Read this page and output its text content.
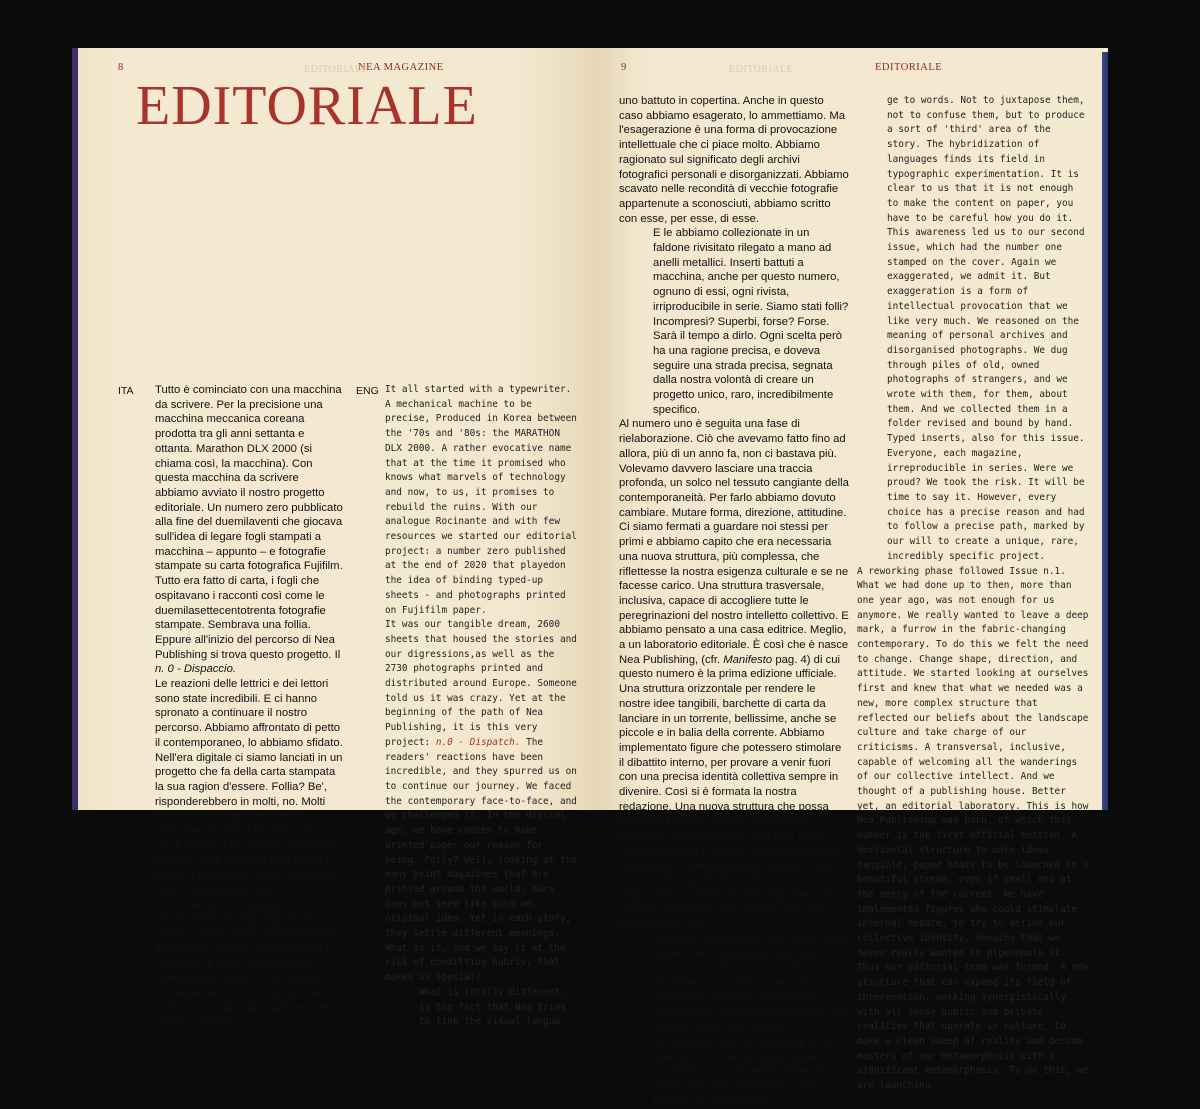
8	NEA MAGAZINE
EDITORIALE
EDITORIALE
ITA Tutto è cominciato con una macchina da scrivere. Per la precisione una macchina meccanica coreana prodotta tra gli anni settanta e ottanta. Marathon DLX 2000 (si chiama così, la macchina). Con questa macchina da scrivere abbiamo avviato il nostro progetto editoriale. Un numero zero pubblicato alla fine del duemilaventi che giocava sull'idea di legare fogli stampati a macchina – appunto – e fotografie stampate su carta fotografica Fujifilm. Tutto era fatto di carta, i fogli che ospitavano i racconti così come le duemilasettecentotrenta fotografie stampate. Sembrava una follia. Eppure all'inizio del percorso di Nea Publishing si trova questo progetto. Il n. 0 - Dispaccio.

Le reazioni delle lettrici e dei lettori sono state incredibili. E ci hanno spronato a continuare il nostro percorso. Abbiamo affrontato di petto il contemporaneo, lo abbiamo sfidato. Nell'era digitale ci siamo lanciati in un progetto che fa della carta stampata la sua ragion d'essere. Follia? Be', risponderebbero in molti, no. Molti sono infatti i magazine che si stampano in tutto il mondo. Che cosa c'è di diverso? Di diverso, totalmente diverso, c'è il fatto che Nea prova a legare il linguaggio visivo alle parole. Non a giustapporle, non a confonderle, ma a legarle. L'ibridazione dei linguaggi trova il proprio campo nella sperimentazione tipografica, perché non basta fare i contenuti di carta, bisogna fare attenzione a come li si fa. Questa consapevolezza ci ha condotti alla nostra seconda pubblicazione, che aveva il numero

ENG It all started with a typewriter. A mechanical machine to be precise, Produced in Korea between the '70s and '80s: the MARATHON DLX 2000. A rather evocative name that at the time it promised who knows what marvels of technology and now, to us, it promises to rebuild the ruins. With our analogue Rocinante and with few resources we started our editorial project: a number zero published at the end of 2020 that playedon the idea of binding typed-up sheets - and photographs printed on Fujifilm paper.

It was our tangible dream, 2600 sheets that housed the stories and our digressions,as well as the 2730 photographs printed and distributed around Europe. Someone told us it was crazy. Yet at the beginning of the path of Nea Publishing, it is this very project: n.0 - Dispatch. The readers' reactions have been incredible, and they spurred us on to continue our journey. We faced the contemporary face-to-face, and we challenged it. In the digital age, we have chosen to make printed paper our reason for being. Folly? Well, looking at the many print magazines that are printed around the world, ours does not seem like such an original idea. Yet in each story, they settle different meanings. What is it, and we say it at the risk of committing hubris, that makes us special?

What is totally different, is the fact that Nea tries to link the visual langua-

9	EDITORIALE	EDITORIALE

uno battuto in copertina. Anche in questo caso abbiamo esagerato, lo ammettiamo. Ma l'esagerazione è una forma di provocazione intellettuale che ci piace molto. Abbiamo ragionato sul significato degli archivi fotografici personali e disorganizzati. Abbiamo scavato nelle recondità di vecchie fotografie appartenute a sconosciuti, abbiamo scritto con esse, per esse, di esse.

E le abbiamo collezionate in un faldone rivisitato rilegato a mano ad anelli metallici. Inserti battuti a macchina, anche per questo numero, ognuno di essi, ogni rivista, irriproducibile in serie. Siamo stati folli? Incompresi? Superbi, forse? Forse. Sarà il tempo a dirlo. Ogni scelta però ha una ragione precisa, e doveva seguire una strada precisa, segnata dalla nostra volontà di creare un progetto unico, raro, incredibilmente specifico.

Al numero uno è seguita una fase di rielaborazione. Ciò che avevamo fatto fino ad allora, più di un anno fa, non ci bastava più. Volevamo davvero lasciare una traccia profonda, un solco nel tessuto cangiante della contemporaneità. Per farlo abbiamo dovuto cambiare. Mutare forma, direzione, attitudine. Ci siamo fermati a guardare noi stessi per primi e abbiamo capito che era necessaria una nuova struttura, più complessa, che riflettesse la nostra esigenza culturale e se ne facesse carico. Una struttura trasversale, inclusiva, capace di accogliere tutte le peregrinazioni del nostro intelletto collettivo. E abbiamo pensato a una casa editrice. Meglio, a un laboratorio editoriale. È così che è nasce Nea Publishing, (cfr. Manifesto pag. 4) di cui questo numero è la prima edizione ufficiale. Una struttura orizzontale per rendere le nostre idee tangibili, barchette di carta da lanciare in un torrente, bellissime, anche se piccole e in balia della corrente. Abbiamo implementato figure che potessero stimolare il dibattito interno, per provare a venir fuori con una precisa identità collettiva sempre in divenire. Così si è formata la nostra redazione. Una nuova struttura che possa ampliare il proprio campo d'intervento, lavorando sinergicamente con tutte quelle realtà pubbliche e private che operano nella cultura, per incidere la tabula rasa con una metamorfosi significativa. Per farlo, lanciamo oggi il nuovo numero di Nea Magazine. Un numero complesso, che abita in una sede inusuale, per noi.

Alla base, una rivista. Una rivista come quelle che si vedevano negli anni sessanta, ricche di testo, e di significato. Una rivista con la R maiuscola. Il formato evoca quei percorsi che sembrano dimenticati, ma che non sono così lontani. Ci sembrava il caso di richiamarli a noi, a gran voce, come un potere obliato di cui servirsi in un'impresa disperata. Nasce così Nea Magazine n. due - Rivista. Un numero che

ge to words. Not to juxtapose them, not to confuse them, but to produce a sort of 'third' area of the story. The hybridization of languages finds its field in typographic experimentation. It is clear to us that it is not enough to make the content on paper, you have to be careful how you do it. This awareness led us to our second issue, which had the number one stamped on the cover. Again we exaggerated, we admit it. But exaggeration is a form of intellectual provocation that we like very much. We reasoned on the meaning of personal archives and disorganised photographs. We dug through piles of old, owned photographs of strangers, and we wrote with them, for them, about them. And we collected them in a folder revised and bound by hand. Typed inserts, also for this issue. Everyone, each magazine, irreproducible in series. Were we proud? We took the risk. It will be time to say it. However, every choice has a precise reason and had to follow a precise path, marked by our will to create a unique, rare, incredibly specific project.

A reworking phase followed Issue n.1. What we had done up to then, more than one year ago, was not enough for us anymore. We really wanted to leave a deep mark, a furrow in the fabric-changing contemporary. To do this we felt the need to change. Change shape, direction, and attitude. We started looking at ourselves first and knew that what we needed was a new, more complex structure that reflected our beliefs about the landscape culture and take charge of our criticisms. A transversal, inclusive, capable of welcoming all the wanderings of our collective intellect. And we thought of a publishing house. Better yet, an editorial laboratory. This is how Nea Publishing was born, of which this number is the first official edition. A horizontal structure to make ideas tangible, paper boats to be launched in a beautiful stream, even if small and at the mercy of the current. We have implemented figures who could stimulate internal debate, to try to define our collective identity, knowing that we never really wanted to pigeonhole it. Thus our editorial team was formed. A new structure that can expand its field of intervention, working synergistically with all those public and private realities that operate in culture, to make a clean sweep of reality and become masters of our metamorphosis with a significant metamorphosis. To do this, we are launching
